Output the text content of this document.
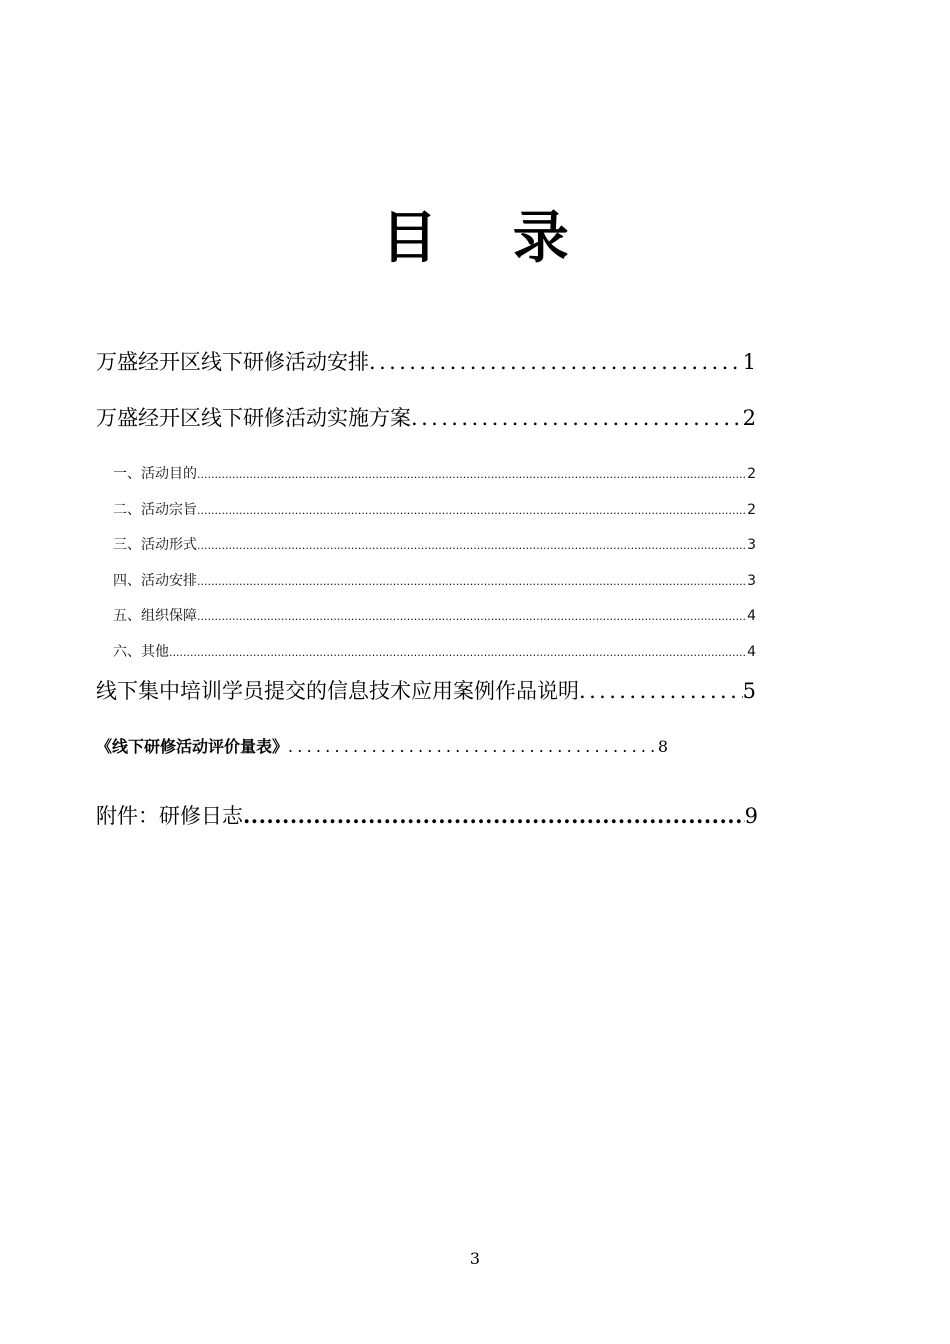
目 录
万盛经开区线下研修活动安排 .....	1
万盛经开区线下研修活动实施方案 .....	2
一、活动目的 .....	2
二、活动宗旨 .....	2
三、活动形式 .....	3
四、活动安排 .....	3
五、组织保障 .....	4
六、其他 .....	4
线下集中培训学员提交的信息技术应用案例作品说明 .....	5
《线下研修活动评价量表》 .....	8
附件：研修日志 .....	9
3
